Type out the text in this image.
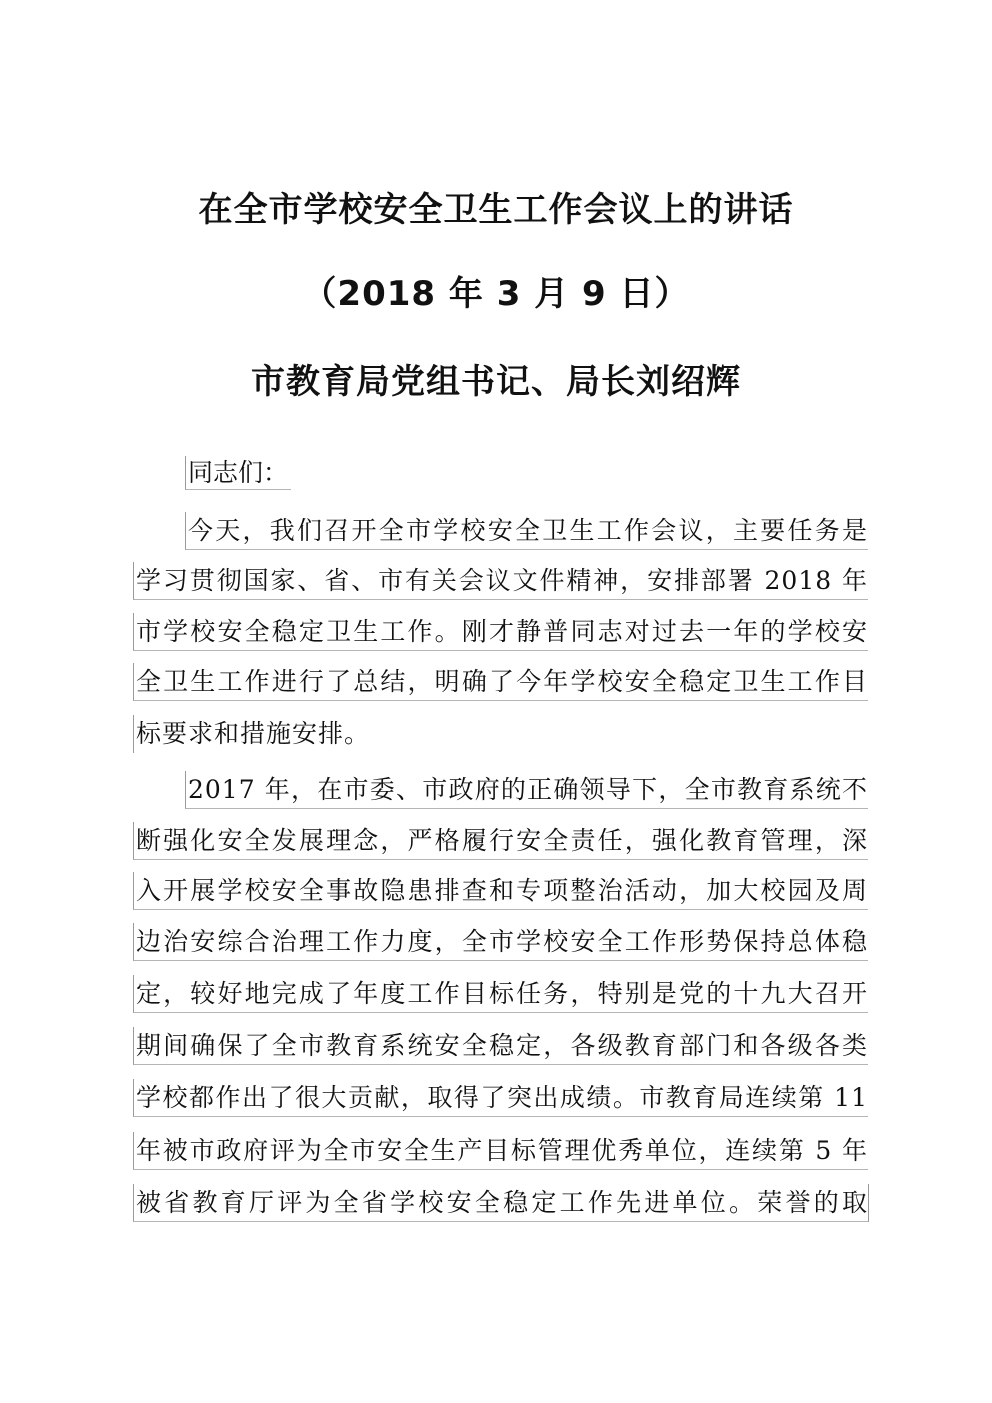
在全市学校安全卫生工作会议上的讲话
（2018 年 3 月 9 日）
市教育局党组书记、局长刘绍辉
同志们：
今天，我们召开全市学校安全卫生工作会议，主要任务是
学习贯彻国家、省、市有关会议文件精神，安排部署 2018 年
市学校安全稳定卫生工作。刚才静普同志对过去一年的学校安
全卫生工作进行了总结，明确了今年学校安全稳定卫生工作目
标要求和措施安排。
2017 年，在市委、市政府的正确领导下，全市教育系统不
断强化安全发展理念，严格履行安全责任，强化教育管理，深
入开展学校安全事故隐患排查和专项整治活动，加大校园及周
边治安综合治理工作力度，全市学校安全工作形势保持总体稳
定，较好地完成了年度工作目标任务，特别是党的十九大召开
期间确保了全市教育系统安全稳定，各级教育部门和各级各类
学校都作出了很大贡献，取得了突出成绩。市教育局连续第 11
年被市政府评为全市安全生产目标管理优秀单位，连续第 5 年
被省教育厅评为全省学校安全稳定工作先进单位。荣誉的取
